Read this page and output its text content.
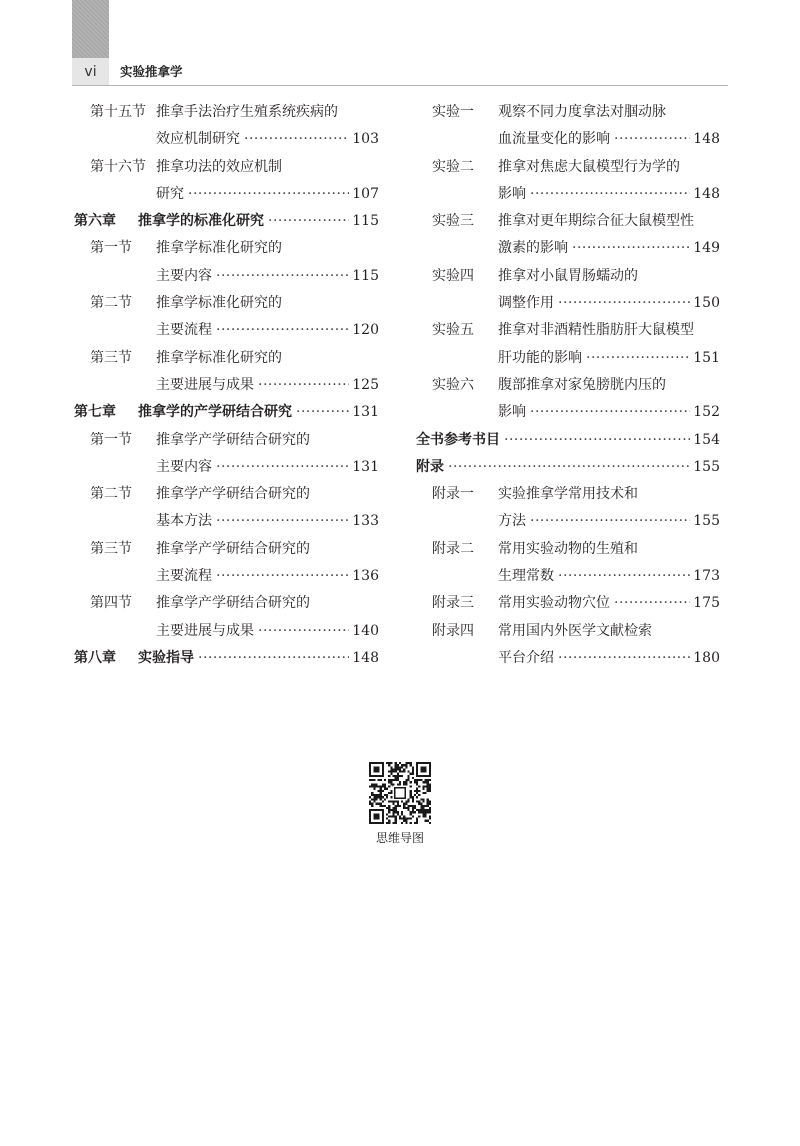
vi	实验推拿学
第十五节 推拿手法治疗生殖系统疾病的
效应机制研究 ·····	103
第十六节 推拿功法的效应机制
研究 ·····	107
第六章 推拿学的标准化研究 ·····	115
第一节 推拿学标准化研究的
主要内容 ·····	115
第二节 推拿学标准化研究的
主要流程 ·····	120
第三节 推拿学标准化研究的
主要进展与成果 ·····	125
第七章 推拿学的产学研结合研究 ·····	131
第一节 推拿学产学研结合研究的
主要内容 ·····	131
第二节 推拿学产学研结合研究的
基本方法 ·····	133
第三节 推拿学产学研结合研究的
主要流程 ·····	136
第四节 推拿学产学研结合研究的
主要进展与成果 ·····	140
第八章 实验指导 ·····	148
实验一 观察不同力度拿法对腘动脉
血流量变化的影响 ·····	148
实验二 推拿对焦虑大鼠模型行为学的
影响 ·····	148
实验三 推拿对更年期综合征大鼠模型性
激素的影响 ·····	149
实验四 推拿对小鼠胃肠蠕动的
调整作用 ·····	150
实验五 推拿对非酒精性脂肪肝大鼠模型
肝功能的影响 ·····	151
实验六 腹部推拿对家兔膀胱内压的
影响 ·····	152
全书参考书目 ·····	154
附录 ·····	155
附录一 实验推拿学常用技术和
方法 ·····	155
附录二 常用实验动物的生殖和
生理常数 ·····	173
附录三 常用实验动物穴位 ·····	175
附录四 常用国内外医学文献检索
平台介绍 ·····	180
思维导图
